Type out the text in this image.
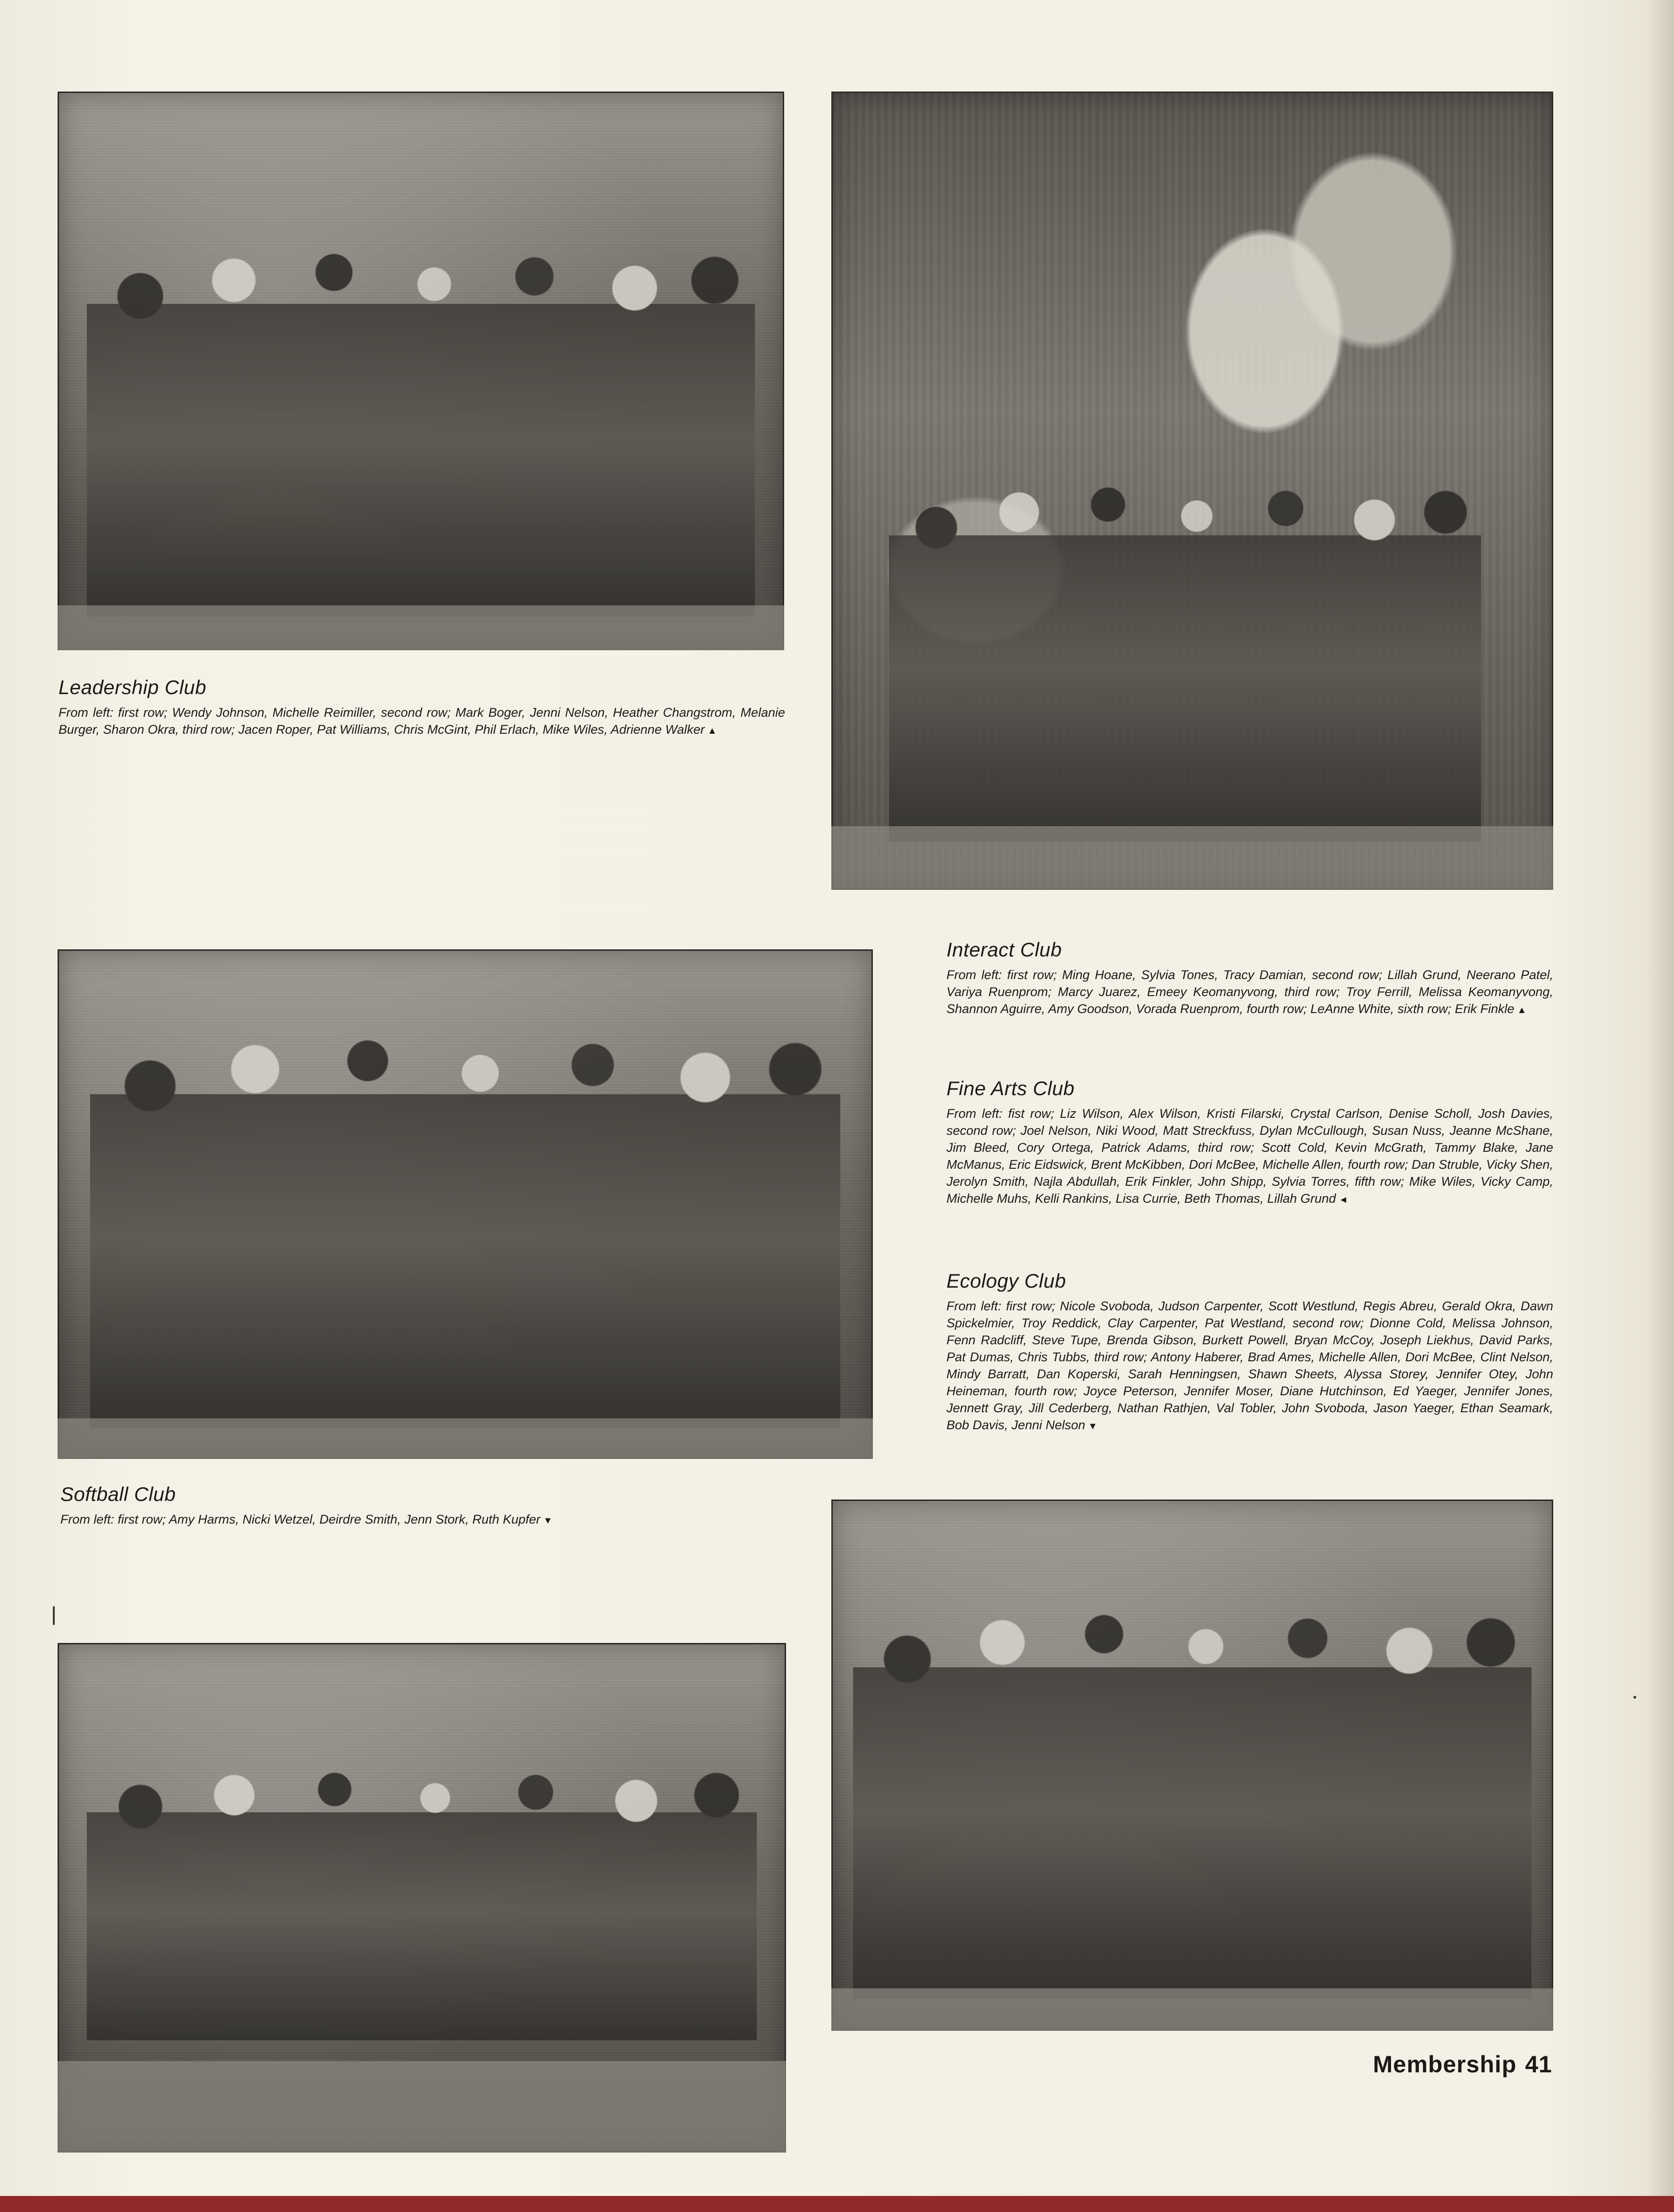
Leadership Club
From left: first row; Wendy Johnson, Michelle Reimiller, second row; Mark Boger, Jenni Nelson, Heather Changstrom, Melanie Burger, Sharon Okra, third row; Jacen Roper, Pat Williams, Chris McGint, Phil Erlach, Mike Wiles, Adrienne Walker ▲
Interact Club
From left: first row; Ming Hoane, Sylvia Tones, Tracy Damian, second row; Lillah Grund, Neerano Patel, Variya Ruenprom; Marcy Juarez, Emeey Keomanyvong, third row; Troy Ferrill, Melissa Keomanyvong, Shannon Aguirre, Amy Goodson, Vorada Ruenprom, fourth row; LeAnne White, sixth row; Erik Finkle ▲
Fine Arts Club
From left: fist row; Liz Wilson, Alex Wilson, Kristi Filarski, Crystal Carlson, Denise Scholl, Josh Davies, second row; Joel Nelson, Niki Wood, Matt Streckfuss, Dylan McCullough, Susan Nuss, Jeanne McShane, Jim Bleed, Cory Ortega, Patrick Adams, third row; Scott Cold, Kevin McGrath, Tammy Blake, Jane McManus, Eric Eidswick, Brent McKibben, Dori McBee, Michelle Allen, fourth row; Dan Struble, Vicky Shen, Jerolyn Smith, Najla Abdullah, Erik Finkler, John Shipp, Sylvia Torres, fifth row; Mike Wiles, Vicky Camp, Michelle Muhs, Kelli Rankins, Lisa Currie, Beth Thomas, Lillah Grund ◄
Ecology Club
From left: first row; Nicole Svoboda, Judson Carpenter, Scott Westlund, Regis Abreu, Gerald Okra, Dawn Spickelmier, Troy Reddick, Clay Carpenter, Pat Westland, second row; Dionne Cold, Melissa Johnson, Fenn Radcliff, Steve Tupe, Brenda Gibson, Burkett Powell, Bryan McCoy, Joseph Liekhus, David Parks, Pat Dumas, Chris Tubbs, third row; Antony Haberer, Brad Ames, Michelle Allen, Dori McBee, Clint Nelson, Mindy Barratt, Dan Koperski, Sarah Henningsen, Shawn Sheets, Alyssa Storey, Jennifer Otey, John Heineman, fourth row; Joyce Peterson, Jennifer Moser, Diane Hutchinson, Ed Yaeger, Jennifer Jones, Jennett Gray, Jill Cederberg, Nathan Rathjen, Val Tobler, John Svoboda, Jason Yaeger, Ethan Seamark, Bob Davis, Jenni Nelson ▼
Softball Club
From left: first row; Amy Harms, Nicki Wetzel, Deirdre Smith, Jenn Stork, Ruth Kupfer ▼
Membership 41
